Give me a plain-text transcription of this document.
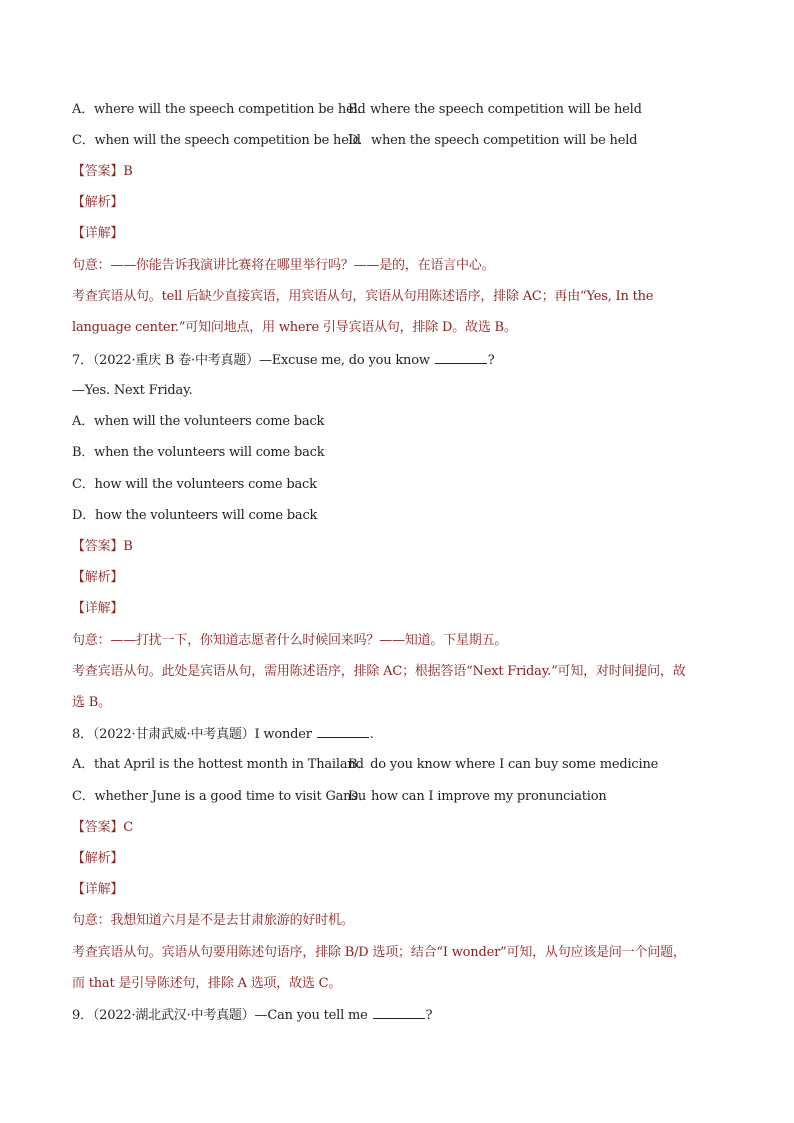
A．where will the speech competition be held
B．where the speech competition will be held
C．when will the speech competition be held
D．when the speech competition will be held
【答案】B
【解析】
【详解】
句意：——你能告诉我演讲比赛将在哪里举行吗？——是的，在语言中心。
考查宾语从句。tell 后缺少直接宾语，用宾语从句，宾语从句用陈述语序，排除 AC；再由“Yes, In the
language center.”可知问地点，用 where 引导宾语从句，排除 D。故选 B。
7．（2022·重庆 B 卷·中考真题）—Excuse me, do you know	?
—Yes. Next Friday.
A．when will the volunteers come back
B．when the volunteers will come back
C．how will the volunteers come back
D．how the volunteers will come back
【答案】B
【解析】
【详解】
句意：——打扰一下，你知道志愿者什么时候回来吗？——知道。下星期五。
考查宾语从句。此处是宾语从句，需用陈述语序，排除 AC；根据答语“Next Friday.”可知，对时间提问，故
选 B。
8．（2022·甘肃武威·中考真题）I wonder	.
A．that April is the hottest month in Thailand
B．do you know where I can buy some medicine
C．whether June is a good time to visit Gansu
D．how can I improve my pronunciation
【答案】C
【解析】
【详解】
句意：我想知道六月是不是去甘肃旅游的好时机。
考查宾语从句。宾语从句要用陈述句语序，排除 B/D 选项；结合“I wonder”可知，从句应该是问一个问题，
而 that 是引导陈述句，排除 A 选项，故选 C。
9．（2022·湖北武汉·中考真题）—Can you tell me	?
